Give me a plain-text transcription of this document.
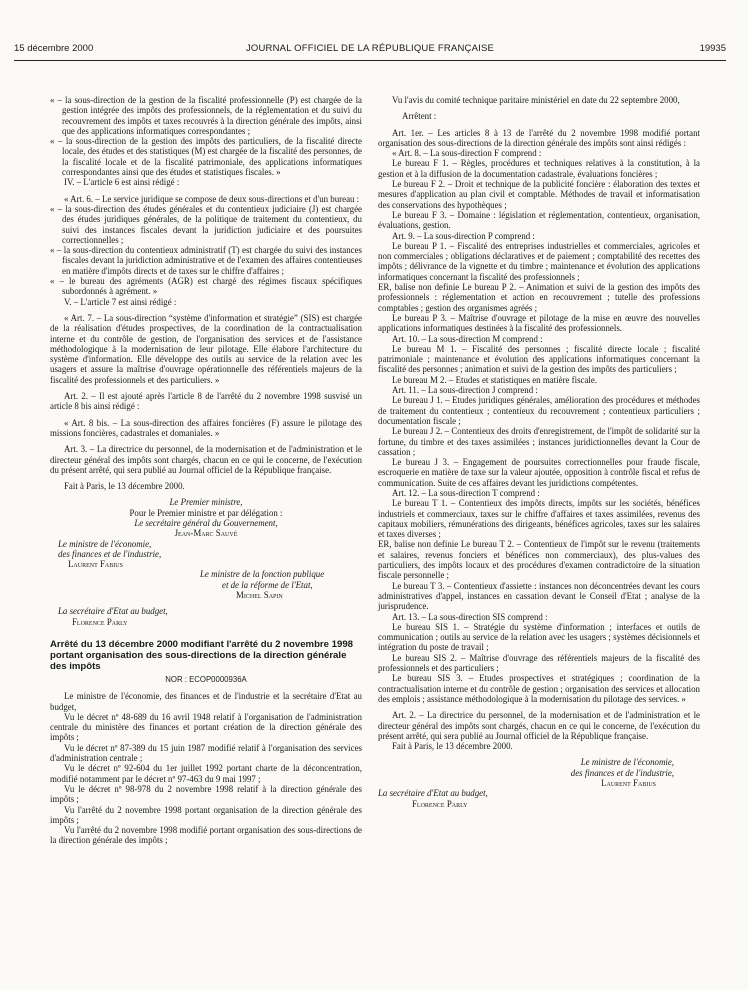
15 décembre 2000	JOURNAL OFFICIEL DE LA RÉPUBLIQUE FRANÇAISE	19935

« – la sous-direction de la gestion de la fiscalité professionnelle (P) est chargée de la gestion intégrée des impôts des professionnels, de la réglementation et du suivi du recouvrement des impôts et taxes recouvrés à la direction générale des impôts, ainsi que des applications informatiques correspondantes ;

« – la sous-direction de la gestion des impôts des particuliers, de la fiscalité directe locale, des études et des statistiques (M) est chargée de la fiscalité des personnes, de la fiscalité locale et de la fiscalité patrimoniale, des applications informatiques correspondantes ainsi que des études et statistiques fiscales. »

IV. – L'article 6 est ainsi rédigé :

« Art. 6. – Le service juridique se compose de deux sous-directions et d'un bureau :

« – la sous-direction des études générales et du contentieux judiciaire (J) est chargée des études juridiques générales, de la politique de traitement du contentieux, du suivi des instances fiscales devant la juridiction judiciaire et des poursuites correctionnelles ;

« – la sous-direction du contentieux administratif (T) est chargée du suivi des instances fiscales devant la juridiction administrative et de l'examen des affaires contentieuses en matière d'impôts directs et de taxes sur le chiffre d'affaires ;

« – le bureau des agréments (AGR) est chargé des régimes fiscaux spécifiques subordonnés à agrément. »

V. – L'article 7 est ainsi rédigé :

« Art. 7. – La sous-direction “système d'information et stratégie” (SIS) est chargée de la réalisation d'études prospectives, de la coordination de la contractualisation interne et du contrôle de gestion, de l'organisation des services et de l'assistance méthodologique à la modernisation de leur pilotage. Elle élabore l'architecture du système d'information. Elle développe des outils au service de la relation avec les usagers et assure la maîtrise d'ouvrage opérationnelle des référentiels majeurs de la fiscalité des professionnels et des particuliers. »

Art. 2. – Il est ajouté après l'article 8 de l'arrêté du 2 novembre 1998 susvisé un article 8 bis ainsi rédigé :

« Art. 8 bis. – La sous-direction des affaires foncières (F) assure le pilotage des missions foncières, cadastrales et domaniales. »

Art. 3. – La directrice du personnel, de la modernisation et de l'administration et le directeur général des impôts sont chargés, chacun en ce qui le concerne, de l'exécution du présent arrêté, qui sera publié au Journal officiel de la République française.

Fait à Paris, le 13 décembre 2000.

Le Premier ministre,

Pour le Premier ministre et par délégation :

Le secrétaire général du Gouvernement,

Jean-Marc Sauvé

Le ministre de l'économie,

des finances et de l'industrie,

Laurent Fabius

Le ministre de la fonction publique

et de la réforme de l'Etat,

Michel Sapin

La secrétaire d'Etat au budget,

Florence Parly

Arrêté du 13 décembre 2000 modifiant l'arrêté du 2 novembre 1998 portant organisation des sous-directions de la direction générale des impôts

NOR : ECOP0000936A

Le ministre de l'économie, des finances et de l'industrie et la secrétaire d'Etat au budget,

Vu le décret nº 48-689 du 16 avril 1948 relatif à l'organisation de l'administration centrale du ministère des finances et portant création de la direction générale des impôts ;

Vu le décret nº 87-389 du 15 juin 1987 modifié relatif à l'organisation des services d'administration centrale ;

Vu le décret nº 92-604 du 1er juillet 1992 portant charte de la déconcentration, modifié notamment par le décret nº 97-463 du 9 mai 1997 ;

Vu le décret nº 98-978 du 2 novembre 1998 relatif à la direction générale des impôts ;

Vu l'arrêté du 2 novembre 1998 portant organisation de la direction générale des impôts ;

Vu l'arrêté du 2 novembre 1998 modifié portant organisation des sous-directions de la direction générale des impôts ;

Vu l'avis du comité technique paritaire ministériel en date du 22 septembre 2000,

Arrêtent :

Art. 1er. – Les articles 8 à 13 de l'arrêté du 2 novembre 1998 modifié portant organisation des sous-directions de la direction générale des impôts sont ainsi rédigés :

« Art. 8. – La sous-direction F comprend :

Le bureau F 1. – Règles, procédures et techniques relatives à la constitution, à la gestion et à la diffusion de la documentation cadastrale, évaluations foncières ;

Le bureau F 2. – Droit et technique de la publicité foncière : élaboration des textes et mesures d'application au plan civil et comptable. Méthodes de travail et informatisation des conservations des hypothèques ;

Le bureau F 3. – Domaine : législation et réglementation, contentieux, organisation, évaluations, gestion.

Art. 9. – La sous-direction P comprend :

Le bureau P 1. – Fiscalité des entreprises industrielles et commerciales, agricoles et non commerciales ; obligations déclaratives et de paiement ; comptabilité des recettes des impôts ; délivrance de la vignette et du timbre ; maintenance et évolution des applications informatiques concernant la fiscalité des professionnels ;

ER, balise non definie Le bureau P 2. – Animation et suivi de la gestion des impôts des professionnels : réglementation et action en recouvrement ; tutelle des professions comptables ; gestion des organismes agréés ;

Le bureau P 3. – Maîtrise d'ouvrage et pilotage de la mise en œuvre des nouvelles applications informatiques destinées à la fiscalité des professionnels.

Art. 10. – La sous-direction M comprend :

Le bureau M 1. – Fiscalité des personnes ; fiscalité directe locale ; fiscalité patrimoniale ; maintenance et évolution des applications informatiques concernant la fiscalité des personnes ; animation et suivi de la gestion des impôts des particuliers ;

Le bureau M 2. – Etudes et statistiques en matière fiscale.

Art. 11. – La sous-direction J comprend :

Le bureau J 1. – Etudes juridiques générales, amélioration des procédures et méthodes de traitement du contentieux ; contentieux du recouvrement ; contentieux particuliers ; documentation fiscale ;

Le bureau J 2. – Contentieux des droits d'enregistrement, de l'impôt de solidarité sur la fortune, du timbre et des taxes assimilées ; instances juridictionnelles devant la Cour de cassation ;

Le bureau J 3. – Engagement de poursuites correctionnelles pour fraude fiscale, escroquerie en matière de taxe sur la valeur ajoutée, opposition à contrôle fiscal et refus de communication. Suite de ces affaires devant les juridictions compétentes.

Art. 12. – La sous-direction T comprend :

Le bureau T 1. – Contentieux des impôts directs, impôts sur les sociétés, bénéfices industriels et commerciaux, taxes sur le chiffre d'affaires et taxes assimilées, revenus des capitaux mobiliers, rémunérations des dirigeants, bénéfices agricoles, taxes sur les salaires et taxes diverses ;

ER, balise non definie Le bureau T 2. – Contentieux de l'impôt sur le revenu (traitements et salaires, revenus fonciers et bénéfices non commerciaux), des plus-values des particuliers, des impôts locaux et des procédures d'examen contradictoire de la situation fiscale personnelle ;

Le bureau T 3. – Contentieux d'assiette : instances non déconcentrées devant les cours administratives d'appel, instances en cassation devant le Conseil d'Etat ; analyse de la jurisprudence.

Art. 13. – La sous-direction SIS comprend :

Le bureau SIS 1. – Stratégie du système d'information ; interfaces et outils de communication ; outils au service de la relation avec les usagers ; systèmes décisionnels et intégration du poste de travail ;

Le bureau SIS 2. – Maîtrise d'ouvrage des référentiels majeurs de la fiscalité des professionnels et des particuliers ;

Le bureau SIS 3. – Etudes prospectives et stratégiques ; coordination de la contractualisation interne et du contrôle de gestion ; organisation des services et allocation des emplois ; assistance méthodologique à la modernisation du pilotage des services. »

Art. 2. – La directrice du personnel, de la modernisation et de l'administration et le directeur général des impôts sont chargés, chacun en ce qui le concerne, de l'exécution du présent arrêté, qui sera publié au Journal officiel de la République française.

Fait à Paris, le 13 décembre 2000.

Le ministre de l'économie,

des finances et de l'industrie,

Laurent Fabius

La secrétaire d'Etat au budget,

Florence Parly
